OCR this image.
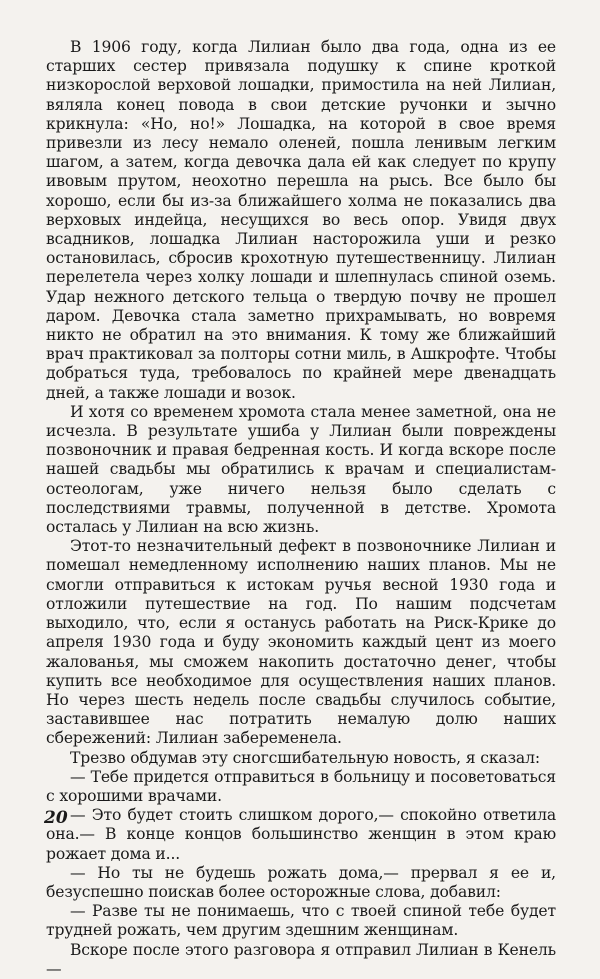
В 1906 году, когда Лилиан было два года, одна из ее старших сестер привязала подушку к спине кроткой низкорослой верховой лошадки, примостила на ней Лилиан, вяляла конец повода в свои детские ручонки и зычно крикнула: «Но, но!» Лошадка, на которой в свое время привезли из лесу немало оленей, пошла ленивым легким шагом, а затем, когда девочка дала ей как следует по крупу ивовым прутом, неохотно перешла на рысь. Все было бы хорошо, если бы из-за ближайшего холма не показались два верховых индейца, несущихся во весь опор. Увидя двух всадников, лошадка Лилиан насторожила уши и резко остановилась, сбросив крохотную путешественницу. Лилиан перелетела через холку лошади и шлепнулась спиной оземь. Удар нежного детского тельца о твердую почву не прошел даром. Девочка стала заметно прихрамывать, но вовремя никто не обратил на это внимания. К тому же ближайший врач практиковал за полторы сотни миль, в Ашкрофте. Чтобы добраться туда, требовалось по крайней мере двенадцать дней, а также лошади и возок.

И хотя со временем хромота стала менее заметной, она не исчезла. В результате ушиба у Лилиан были повреждены позвоночник и правая бедренная кость. И когда вскоре после нашей свадьбы мы обратились к врачам и специалистам-остеологам, уже ничего нельзя было сделать с последствиями травмы, полученной в детстве. Хромота осталась у Лилиан на всю жизнь.

Этот-то незначительный дефект в позвоночнике Лилиан и помешал немедленному исполнению наших планов. Мы не смогли отправиться к истокам ручья весной 1930 года и отложили путешествие на год. По нашим подсчетам выходило, что, если я останусь работать на Риск-Крике до апреля 1930 года и буду экономить каждый цент из моего жалованья, мы сможем накопить достаточно денег, чтобы купить все необходимое для осуществления наших планов. Но через шесть недель после свадьбы случилось событие, заставившее нас потратить немалую долю наших сбережений: Лилиан забеременела.

Трезво обдумав эту сногсшибательную новость, я сказал:

— Тебе придется отправиться в больницу и посоветоваться с хорошими врачами.

— Это будет стоить слишком дорого,— спокойно ответила она.— В конце концов большинство женщин в этом краю рожает дома и...

— Но ты не будешь рожать дома,— прервал я ее и, безуспешно поискав более осторожные слова, добавил:

— Разве ты не понимаешь, что с твоей спиной тебе будет трудней рожать, чем другим здешним женщинам.

Вскоре после этого разговора я отправил Лилиан в Кенель —

20
